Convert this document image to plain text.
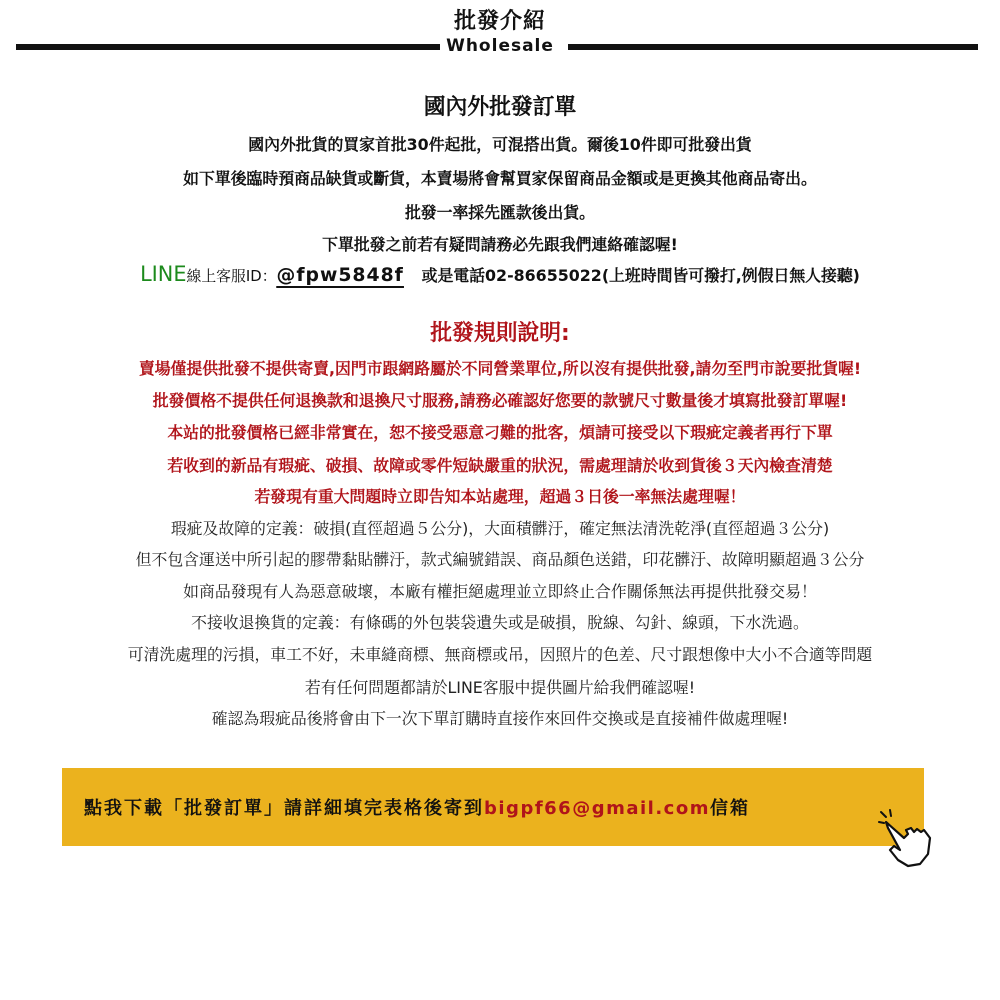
批發介紹
Wholesale
國內外批發訂單
國內外批貨的買家首批30件起批，可混搭出貨。爾後10件即可批發出貨
如下單後臨時預商品缺貨或斷貨，本賣場將會幫買家保留商品金額或是更換其他商品寄出。
批發一率採先匯款後出貨。
下單批發之前若有疑問請務必先跟我們連絡確認喔!
LINE線上客服ID：@fpw5848f 或是電話02-86655022(上班時間皆可撥打,例假日無人接聽)
批發規則說明:
賣場僅提供批發不提供寄賣,因門市跟網路屬於不同營業單位,所以沒有提供批發,請勿至門市說要批貨喔!
批發價格不提供任何退換款和退換尺寸服務,請務必確認好您要的款號尺寸數量後才填寫批發訂單喔!
本站的批發價格已經非常實在，恕不接受惡意刁難的批客，煩請可接受以下瑕疵定義者再行下單
若收到的新品有瑕疵、破損、故障或零件短缺嚴重的狀況，需處理請於收到貨後３天內檢查清楚
若發現有重大問題時立即告知本站處理，超過３日後一率無法處理喔！
瑕疵及故障的定義：破損(直徑超過５公分)，大面積髒汙，確定無法清洗乾淨(直徑超過３公分)
但不包含運送中所引起的膠帶黏貼髒汙，款式編號錯誤、商品顏色送錯，印花髒汙、故障明顯超過３公分
如商品發現有人為惡意破壞，本廠有權拒絕處理並立即終止合作關係無法再提供批發交易！
不接收退換貨的定義：有條碼的外包裝袋遺失或是破損，脫線、勾針、線頭，下水洗過。
可清洗處理的污損，車工不好，未車縫商標、無商標或吊，因照片的色差、尺寸跟想像中大小不合適等問題
若有任何問題都請於LINE客服中提供圖片給我們確認喔!
確認為瑕疵品後將會由下一次下單訂購時直接作來回件交換或是直接補件做處理喔!
點我下載「批發訂單」請詳細填完表格後寄到bigpf66@gmail.com信箱
